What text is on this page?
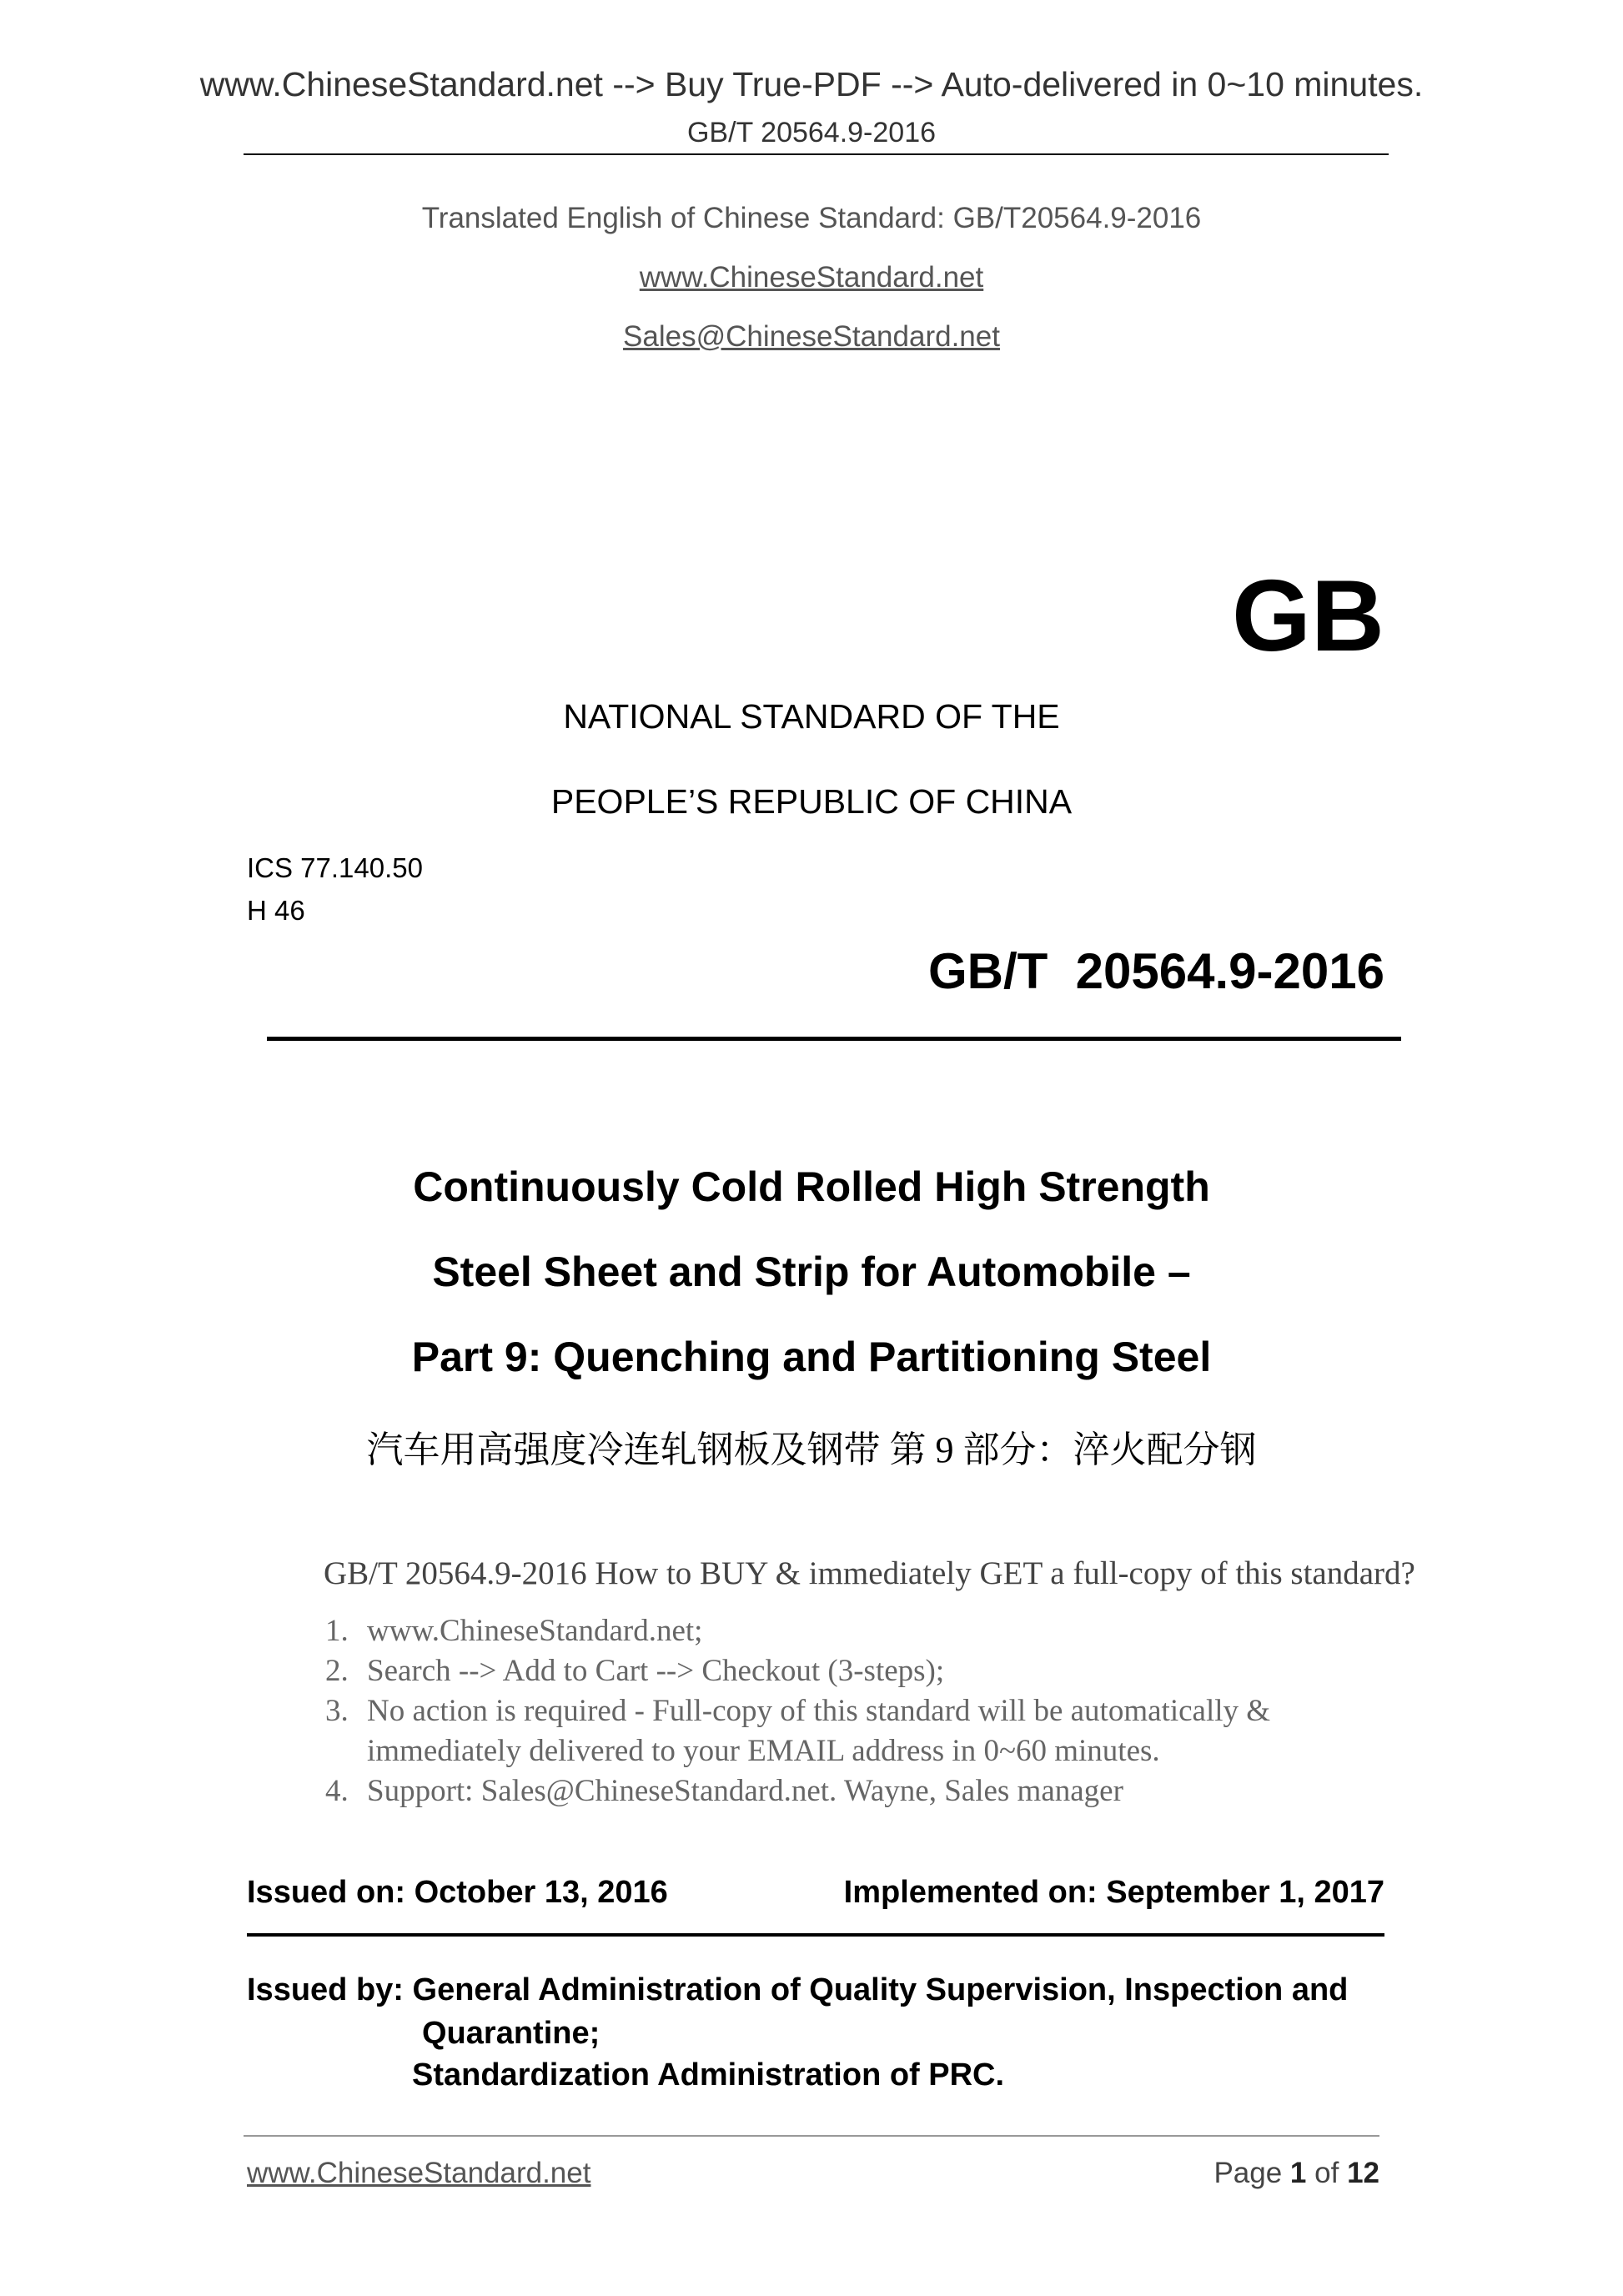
www.ChineseStandard.net --> Buy True-PDF --> Auto-delivered in 0~10 minutes.
GB/T 20564.9-2016
Translated English of Chinese Standard: GB/T20564.9-2016
www.ChineseStandard.net
Sales@ChineseStandard.net
GB
NATIONAL STANDARD OF THE
PEOPLE’S REPUBLIC OF CHINA
ICS 77.140.50
H 46
GB/T  20564.9-2016
Continuously Cold Rolled High Strength
Steel Sheet and Strip for Automobile –
Part 9: Quenching and Partitioning Steel
汽车用高强度冷连轧钢板及钢带 第 9 部分：淬火配分钢
GB/T 20564.9-2016 How to BUY & immediately GET a full-copy of this standard?
1. www.ChineseStandard.net;
2. Search --> Add to Cart --> Checkout (3-steps);
3. No action is required - Full-copy of this standard will be automatically &
immediately delivered to your EMAIL address in 0~60 minutes.
4. Support: Sales@ChineseStandard.net. Wayne, Sales manager
Issued on: October 13, 2016	Implemented on: September 1, 2017
Issued by: General Administration of Quality Supervision, Inspection and
Quarantine;
Standardization Administration of PRC.
www.ChineseStandard.net	Page 1 of 12
